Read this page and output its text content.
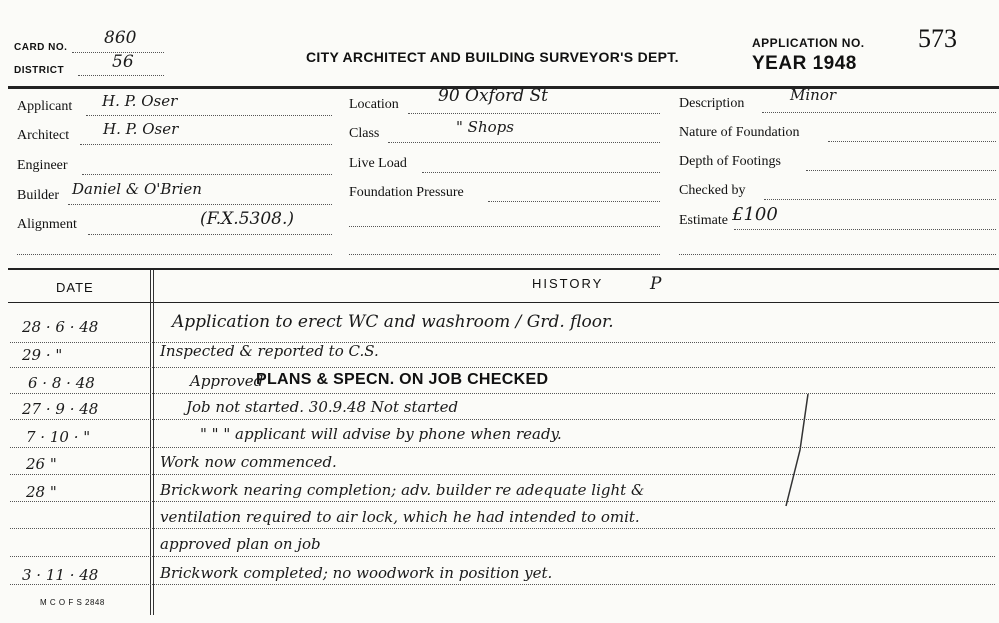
CARD NO. 860
DISTRICT	56	CITY ARCHITECT AND BUILDING SURVEYOR'S DEPT.
APPLICATION NO. 573
YEAR 1948
Applicant H. P. Oser
Architect H. P. Oser
Engineer
Builder Daniel & O'Brien
Alignment	(F.X.5308.)
Location 90 Oxford St
Class	" Shops
Live Load
Foundation Pressure
Description	Minor
Nature of Foundation
Depth of Footings
Checked by
Estimate £100
DATE	HISTORY	P
28 · 6 · 48	Application to erect WC and washroom / Grd. floor.
29 · "	Inspected & reported to C.S.
6 · 8 · 48	Approved
PLANS & SPECN. ON JOB CHECKED
27 · 9 · 48	Job not started. 30.9.48 Not started
7 · 10 · "	" " " applicant will advise by phone when ready.
26 "	Work now commenced.
28 "	Brickwork nearing completion; adv. builder re adequate light &
ventilation required to air lock, which he had intended to omit.
approved plan on job
3 · 11 · 48	Brickwork completed; no woodwork in position yet.
M C O F S 2848
